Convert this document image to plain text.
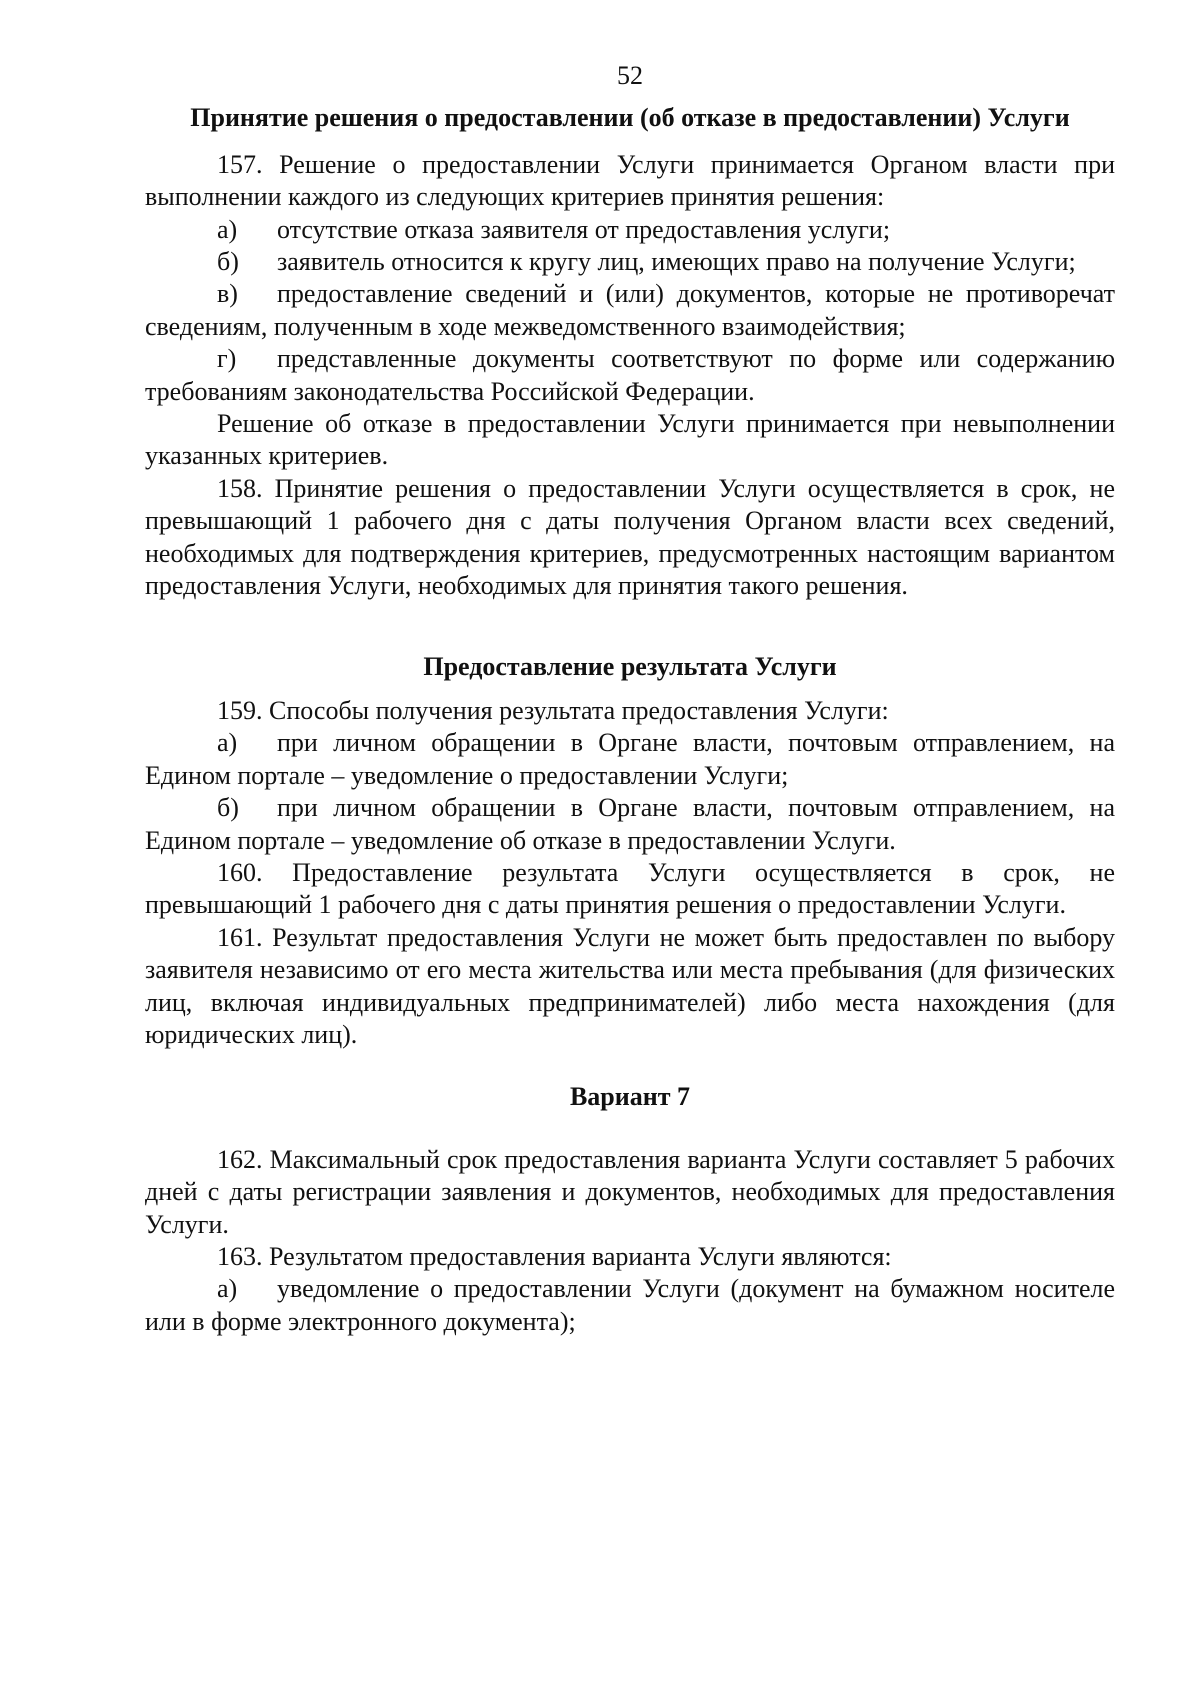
52
Принятие решения о предоставлении (об отказе в предоставлении) Услуги

157. Решение о предоставлении Услуги принимается Органом власти при выполнении каждого из следующих критериев принятия решения:

а) отсутствие отказа заявителя от предоставления услуги;

б) заявитель относится к кругу лиц, имеющих право на получение Услуги;

в) предоставление сведений и (или) документов, которые не противоречат сведениям, полученным в ходе межведомственного взаимодействия;

г) представленные документы соответствуют по форме или содержанию требованиям законодательства Российской Федерации.

Решение об отказе в предоставлении Услуги принимается при невыполнении указанных критериев.

158. Принятие решения о предоставлении Услуги осуществляется в срок, не превышающий 1 рабочего дня с даты получения Органом власти всех сведений, необходимых для подтверждения критериев, предусмотренных настоящим вариантом предоставления Услуги, необходимых для принятия такого решения.

Предоставление результата Услуги

159. Способы получения результата предоставления Услуги:

а) при личном обращении в Органе власти, почтовым отправлением, на Едином портале – уведомление о предоставлении Услуги;

б) при личном обращении в Органе власти, почтовым отправлением, на Едином портале – уведомление об отказе в предоставлении Услуги.

160. Предоставление результата Услуги осуществляется в срок, не превышающий 1 рабочего дня с даты принятия решения о предоставлении Услуги.

161. Результат предоставления Услуги не может быть предоставлен по выбору заявителя независимо от его места жительства или места пребывания (для физических лиц, включая индивидуальных предпринимателей) либо места нахождения (для юридических лиц).

Вариант 7

162. Максимальный срок предоставления варианта Услуги составляет 5 рабочих дней с даты регистрации заявления и документов, необходимых для предоставления Услуги.

163. Результатом предоставления варианта Услуги являются:

а) уведомление о предоставлении Услуги (документ на бумажном носителе или в форме электронного документа);
